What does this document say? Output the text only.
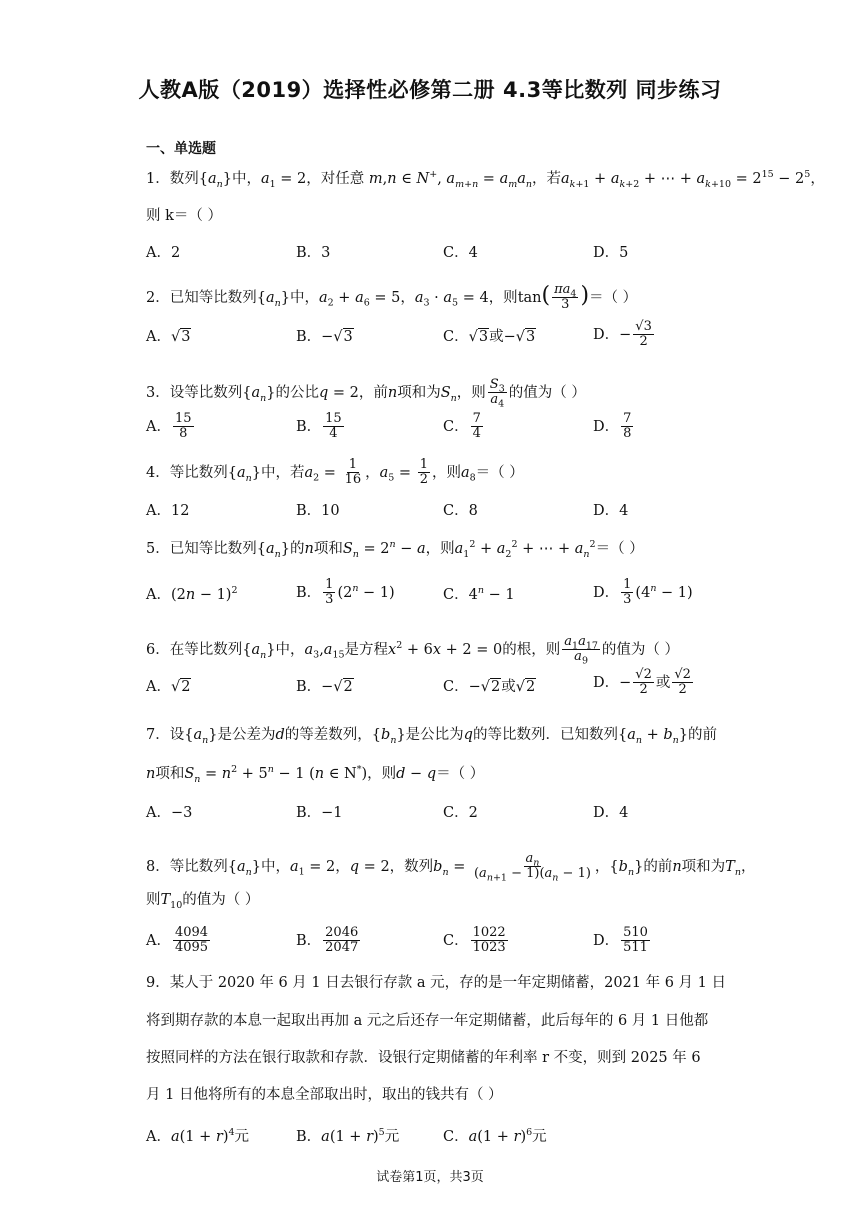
人教A版（2019）选择性必修第二册 4.3等比数列 同步练习
一、单选题
1．数列$\{a_n\}$中，$a_1 = 2$，对任意 m,n ∈ N+, $a_{m+n} = a_ma_n$，若$a_{k+1} + a_{k+2}$ + ⋯ + $a_{k+10} = 2^{15} - 2^5$，
则 k＝（ ）
A．2	B．3	C．4	D．5
2．已知等比数列$\{a_n\}$中，$a_2 + a_6 = 5$，$a_3 \cdot a_5 = 4$，则$\tan( \frac{\pi a_4}{3}$ )＝（ ）
A．√3	B．−√3	C．√3或−√3	D．− $\frac{√3}{2}$
3．设等比数列$\{a_n\}$的公比q = 2，前n项和为$S_n$，则 $\frac{S_3}{a_4}$ 的值为（ ）
A． $\frac{15}{8}$	B． $\frac{15}{4}$	C． $\frac{7}{4}$	D． $\frac{7}{8}$
4．等比数列$\{a_n\}$中，若$a_2 = \frac{1}{16}$ ，$a_5 = \frac{1}{2}$ ，则$a_8=$（ ）
A．12	B．10	C．8	D．4
5．已知等比数列$\{a_n\}$的n项和$S_n = 2^n - a$，则$a_1^2 + a_2^2$ + ⋯ + $a_n^2=$（ ）
A．$(2n - 1)^2$	B． $\frac{1}{3} (2^n - 1)$	C．$4^n - 1$	D． $\frac{1}{3} (4^n - 1)$
6．在等比数列$\{a_n\}$中，$a_3,a_{15}$是方程$x^2 + 6x + 2 = 0$的根，则 $\frac{a_1a_{17}}{a_9}$ 的值为（ ）
A．√2	B．−√2	C．−√2或√2	D．− $\frac{√2}{2}$ 或 $\frac{√2}{2}$
7．设$\{a_n\}$是公差为d的等差数列，$\{b_n\}$是公比为q的等比数列．已知数列$\{a_n + b_n\}$的前
n项和$S_n = n^2 + 5^n - 1$ (n ∈ N*)，则d − q＝（ ）
A．−3	B．−1	C．2	D．4
8．等比数列$\{a_n\}$中，$a_1 = 2$，q = 2，数列$b_n = \frac{a_n}{(a_{n+1} - 1)(a_n - 1)}$ ，$\{b_n\}$的前n项和为$T_n$，
则$T_{10}$的值为（ ）
A． $\frac{4094}{4095}$	B． $\frac{2046}{2047}$	C． $\frac{1022}{1023}$	D． $\frac{510}{511}$
9．某人于 2020 年 6 月 1 日去银行存款 a 元，存的是一年定期储蓄，2021 年 6 月 1 日
将到期存款的本息一起取出再加 a 元之后还存一年定期储蓄，此后每年的 6 月 1 日他都
按照同样的方法在银行取款和存款．设银行定期储蓄的年利率 r 不变，则到 2025 年 6
月 1 日他将所有的本息全部取出时，取出的钱共有（ ）
A．$a(1 + r)^4$元	B．$a(1 + r)^5$元	C．$a(1 + r)^6$元
试卷第1页，共3页
